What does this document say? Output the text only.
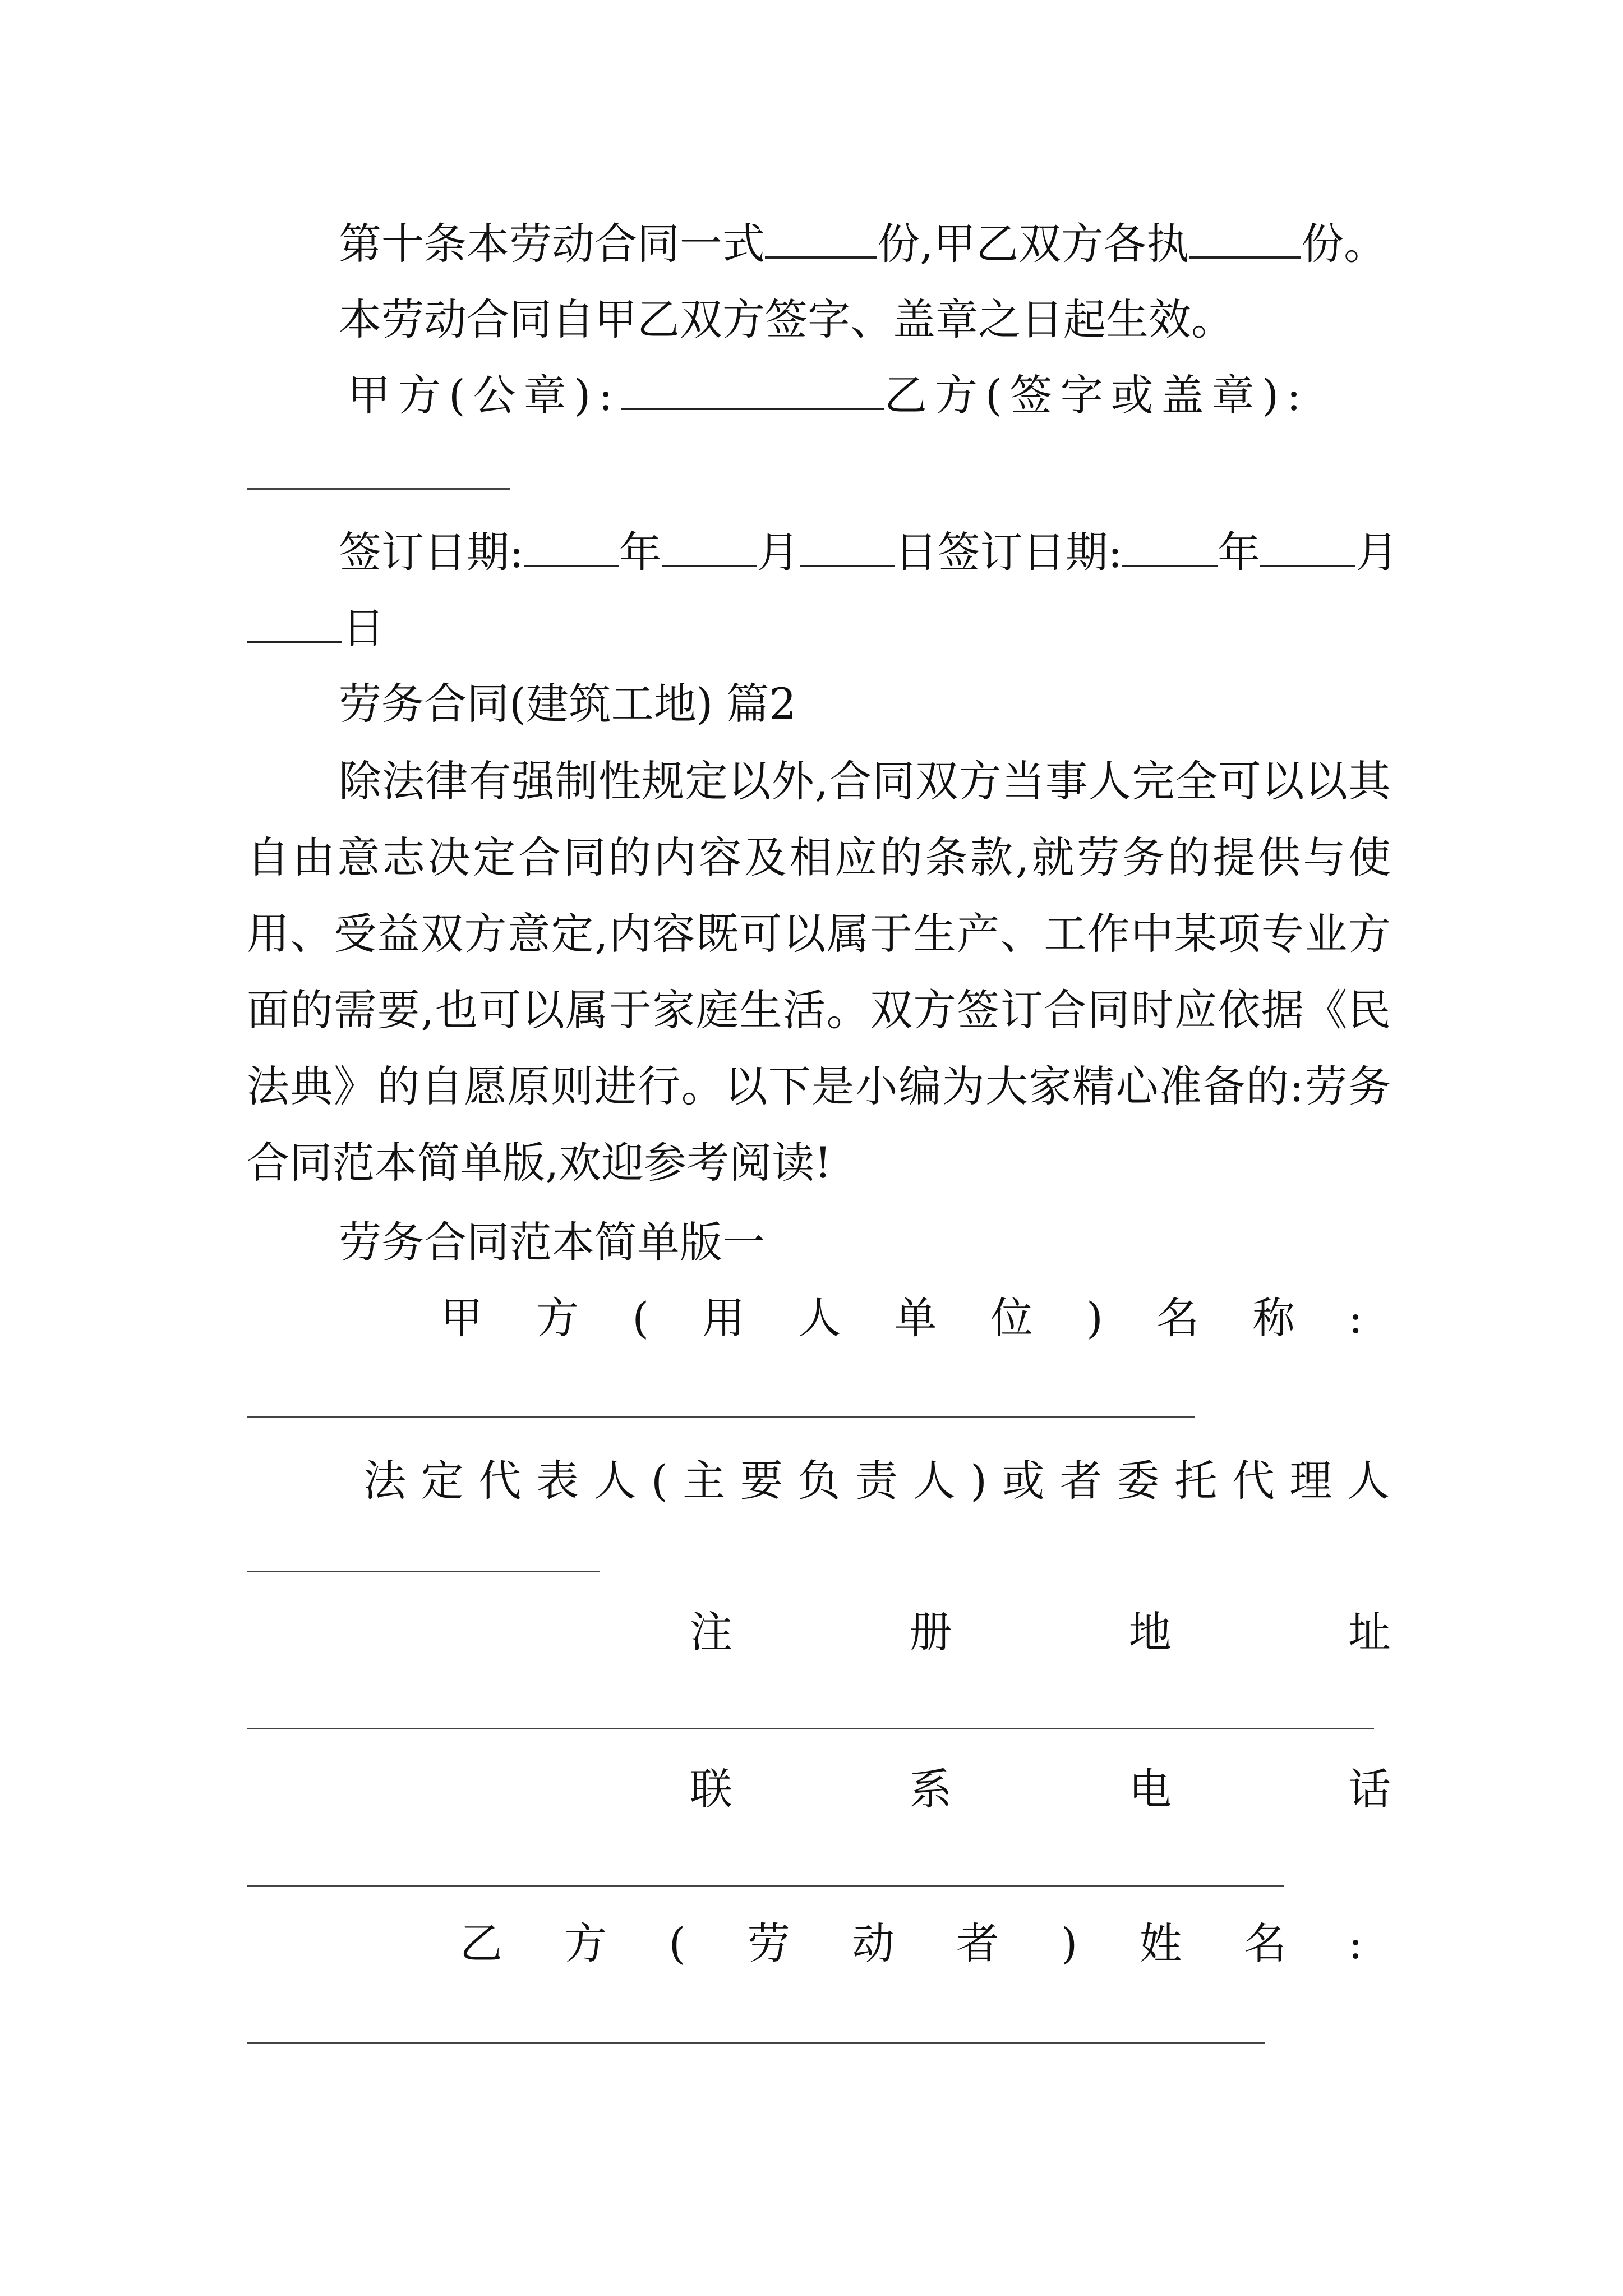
第十条本劳动合同一式	份,甲乙双方各执	份。
本劳动合同自甲乙双方签字、盖章之日起生效。
甲方(公章):	乙方(签字或盖章):
签订日期: 年 月 日签订日期: 年 月
日
劳务合同(建筑工地) 篇2
除法律有强制性规定以外,合同双方当事人完全可以以其自由意志决定合同的内容及相应的条款,就劳务的提供与使用、受益双方意定,内容既可以属于生产、工作中某项专业方面的需要,也可以属于家庭生活。双方签订合同时应依据《民法典》的自愿原则进行。以下是小编为大家精心准备的:劳务合同范本简单版,欢迎参考阅读!
劳务合同范本简单版一
甲 方 ( 用 人 单 位 ) 名 称 :
法 定 代 表 人 ( 主 要 负 责 人 ) 或 者 委 托 代 理 人
注	册	地	址
联	系	电	话
乙 方 ( 劳 动 者 ) 姓 名 :
